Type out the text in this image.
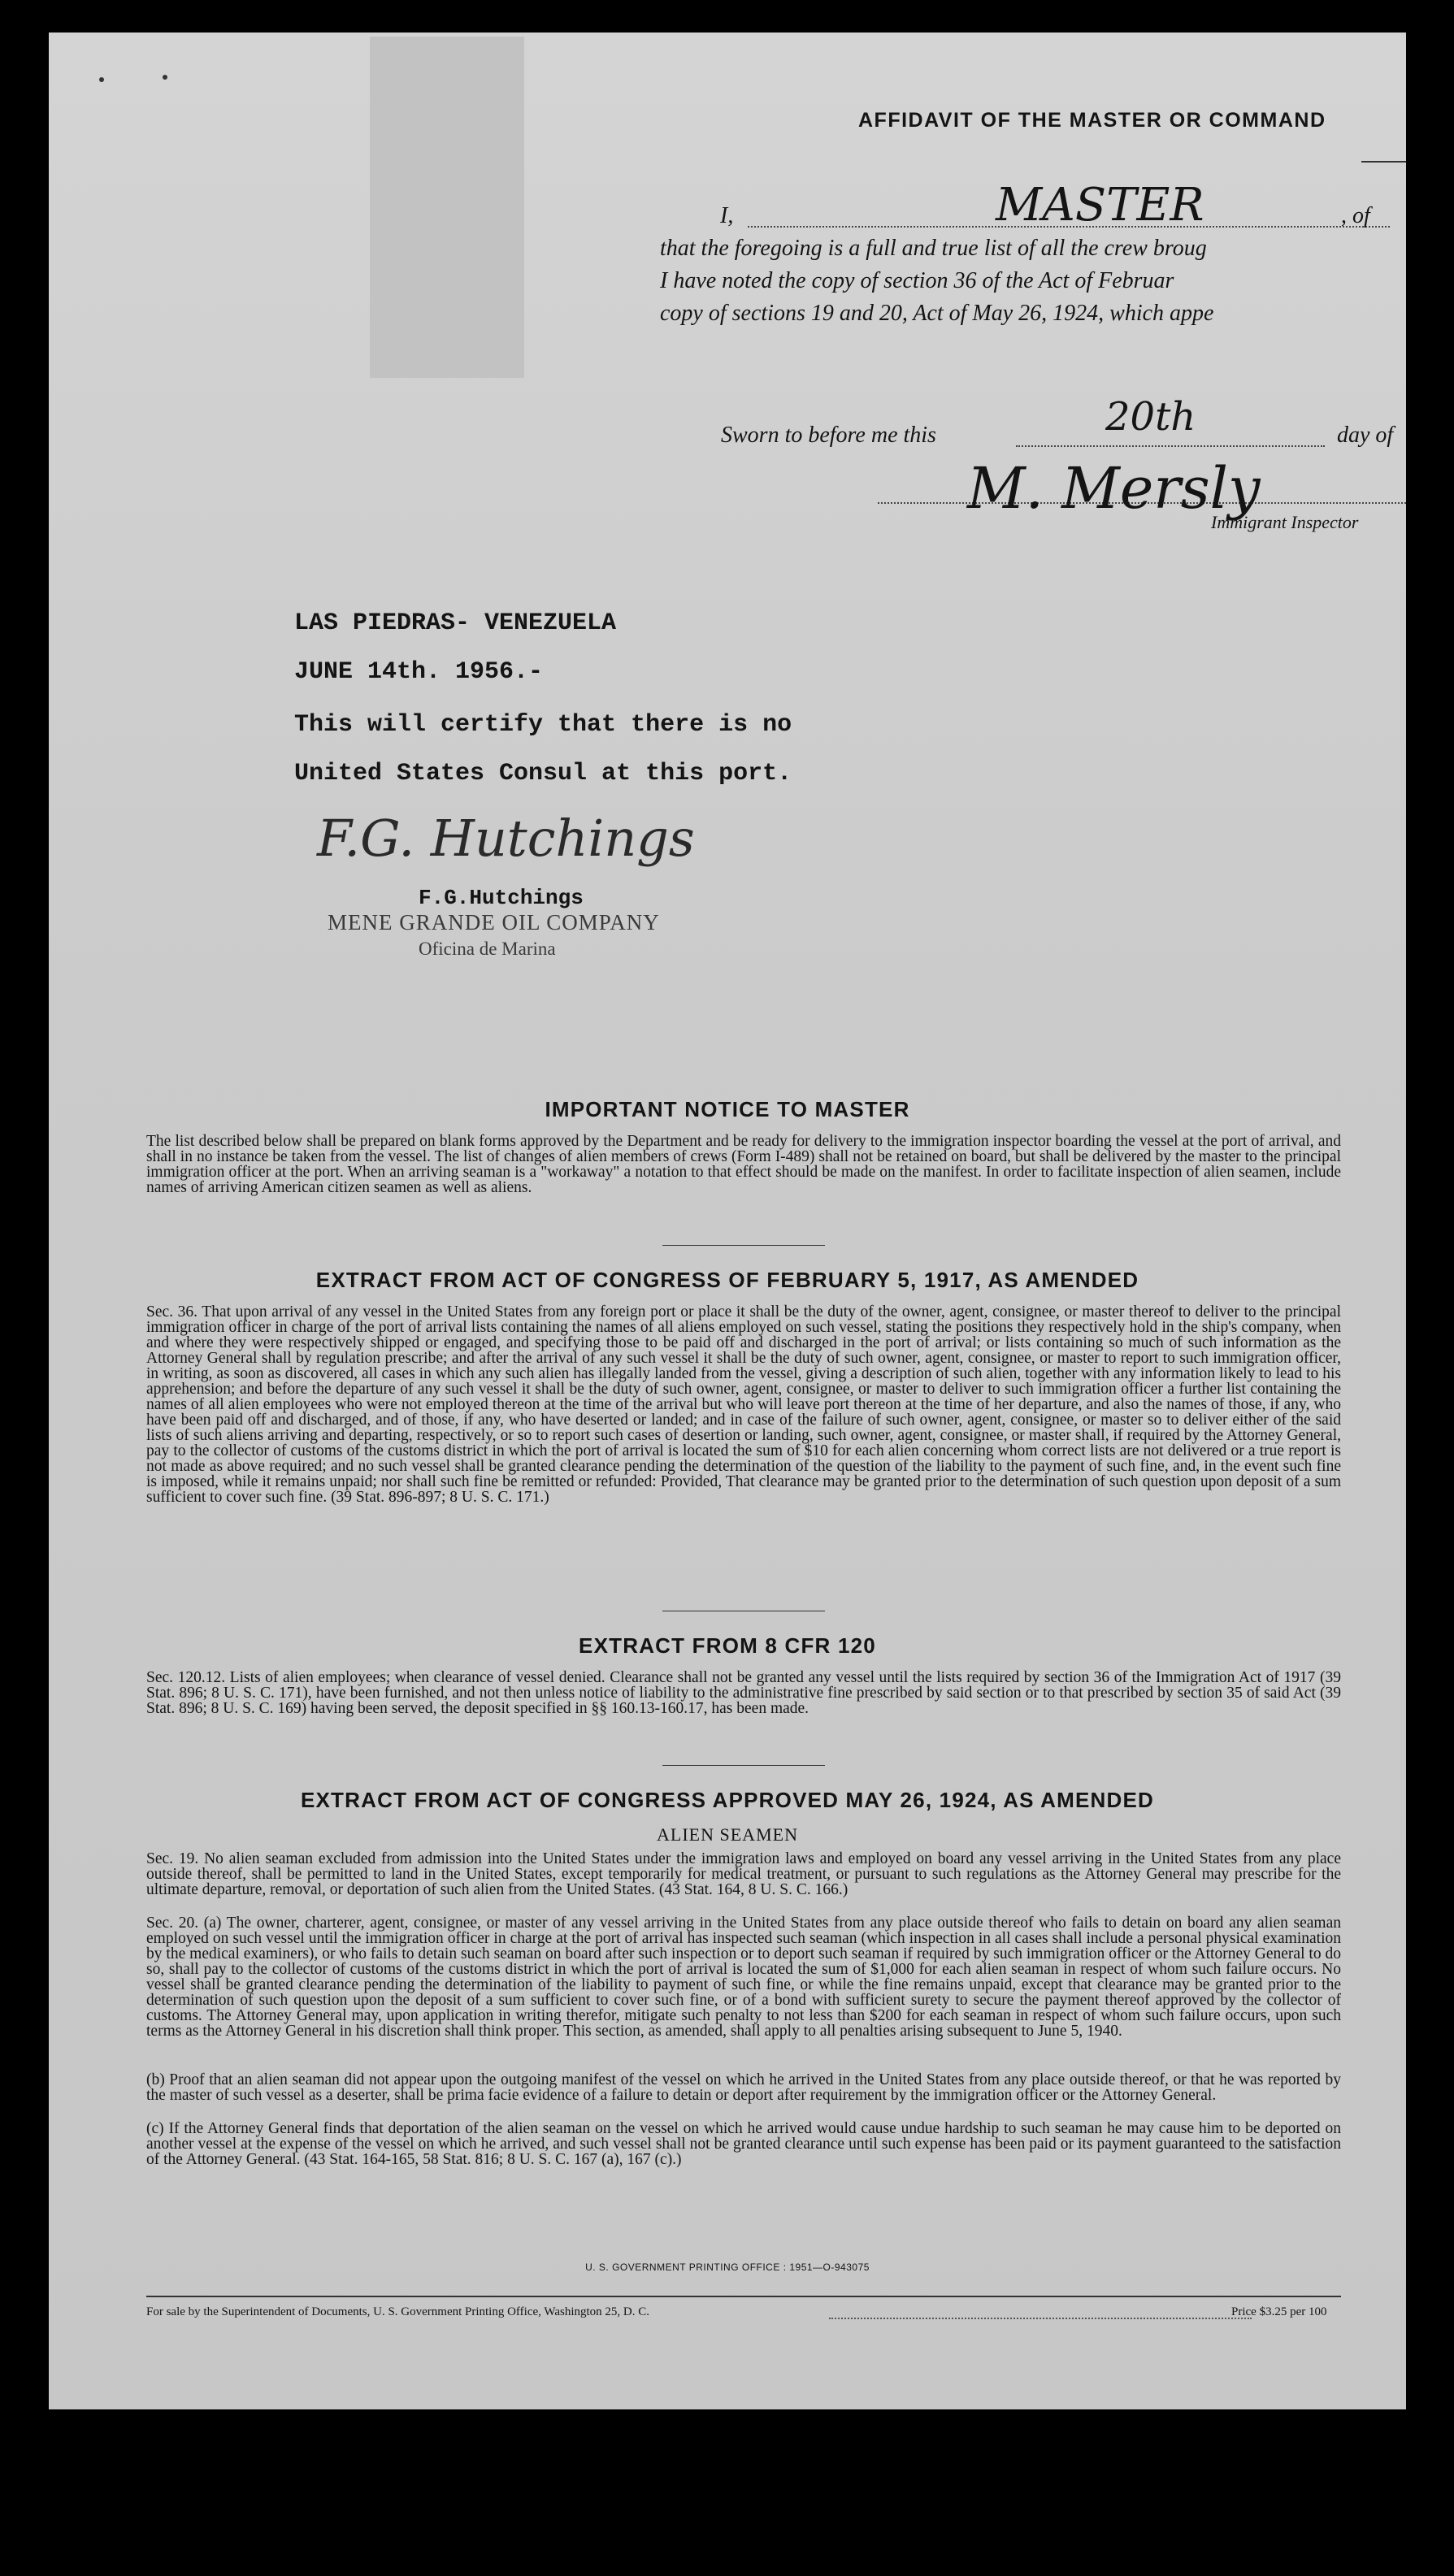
AFFIDAVIT OF THE MASTER OR COMMAND
I,	MASTER	, of
that the foregoing is a full and true list of all the crew broug
I have noted the copy of section 36 of the Act of Februar
copy of sections 19 and 20, Act of May 26, 1924, which appe
Sworn to before me this	20th	day of
M. Mersly
Immigrant Inspector
LAS PIEDRAS- VENEZUELA
JUNE 14th. 1956.-
This will certify that there is no
United States Consul at this port.
F.G. Hutchings
F.G.Hutchings
MENE GRANDE OIL COMPANY
Oficina de Marina
IMPORTANT NOTICE TO MASTER
The list described below shall be prepared on blank forms approved by the Department and be ready for delivery to the immigration inspector boarding the vessel at the port of arrival, and shall in no instance be taken from the vessel. The list of changes of alien members of crews (Form I-489) shall not be retained on board, but shall be delivered by the master to the principal immigration officer at the port. When an arriving seaman is a "workaway" a notation to that effect should be made on the manifest. In order to facilitate inspection of alien seamen, include names of arriving American citizen seamen as well as aliens.
EXTRACT FROM ACT OF CONGRESS OF FEBRUARY 5, 1917, AS AMENDED
Sec. 36. That upon arrival of any vessel in the United States from any foreign port or place it shall be the duty of the owner, agent, consignee, or master thereof to deliver to the principal immigration officer in charge of the port of arrival lists containing the names of all aliens employed on such vessel, stating the positions they respectively hold in the ship's company, when and where they were respectively shipped or engaged, and specifying those to be paid off and discharged in the port of arrival; or lists containing so much of such information as the Attorney General shall by regulation prescribe; and after the arrival of any such vessel it shall be the duty of such owner, agent, consignee, or master to report to such immigration officer, in writing, as soon as discovered, all cases in which any such alien has illegally landed from the vessel, giving a description of such alien, together with any information likely to lead to his apprehension; and before the departure of any such vessel it shall be the duty of such owner, agent, consignee, or master to deliver to such immigration officer a further list containing the names of all alien employees who were not employed thereon at the time of the arrival but who will leave port thereon at the time of her departure, and also the names of those, if any, who have been paid off and discharged, and of those, if any, who have deserted or landed; and in case of the failure of such owner, agent, consignee, or master so to deliver either of the said lists of such aliens arriving and departing, respectively, or so to report such cases of desertion or landing, such owner, agent, consignee, or master shall, if required by the Attorney General, pay to the collector of customs of the customs district in which the port of arrival is located the sum of $10 for each alien concerning whom correct lists are not delivered or a true report is not made as above required; and no such vessel shall be granted clearance pending the determination of the question of the liability to the payment of such fine, and, in the event such fine is imposed, while it remains unpaid; nor shall such fine be remitted or refunded: Provided, That clearance may be granted prior to the determination of such question upon deposit of a sum sufficient to cover such fine. (39 Stat. 896-897; 8 U. S. C. 171.)
EXTRACT FROM 8 CFR 120
Sec. 120.12. Lists of alien employees; when clearance of vessel denied. Clearance shall not be granted any vessel until the lists required by section 36 of the Immigration Act of 1917 (39 Stat. 896; 8 U. S. C. 171), have been furnished, and not then unless notice of liability to the administrative fine prescribed by said section or to that prescribed by section 35 of said Act (39 Stat. 896; 8 U. S. C. 169) having been served, the deposit specified in §§ 160.13-160.17, has been made.
EXTRACT FROM ACT OF CONGRESS APPROVED MAY 26, 1924, AS AMENDED
ALIEN SEAMEN
Sec. 19. No alien seaman excluded from admission into the United States under the immigration laws and employed on board any vessel arriving in the United States from any place outside thereof, shall be permitted to land in the United States, except temporarily for medical treatment, or pursuant to such regulations as the Attorney General may prescribe for the ultimate departure, removal, or deportation of such alien from the United States. (43 Stat. 164, 8 U. S. C. 166.)
Sec. 20. (a) The owner, charterer, agent, consignee, or master of any vessel arriving in the United States from any place outside thereof who fails to detain on board any alien seaman employed on such vessel until the immigration officer in charge at the port of arrival has inspected such seaman (which inspection in all cases shall include a personal physical examination by the medical examiners), or who fails to detain such seaman on board after such inspection or to deport such seaman if required by such immigration officer or the Attorney General to do so, shall pay to the collector of customs of the customs district in which the port of arrival is located the sum of $1,000 for each alien seaman in respect of whom such failure occurs. No vessel shall be granted clearance pending the determination of the liability to payment of such fine, or while the fine remains unpaid, except that clearance may be granted prior to the determination of such question upon the deposit of a sum sufficient to cover such fine, or of a bond with sufficient surety to secure the payment thereof approved by the collector of customs. The Attorney General may, upon application in writing therefor, mitigate such penalty to not less than $200 for each seaman in respect of whom such failure occurs, upon such terms as the Attorney General in his discretion shall think proper. This section, as amended, shall apply to all penalties arising subsequent to June 5, 1940.
(b) Proof that an alien seaman did not appear upon the outgoing manifest of the vessel on which he arrived in the United States from any place outside thereof, or that he was reported by the master of such vessel as a deserter, shall be prima facie evidence of a failure to detain or deport after requirement by the immigration officer or the Attorney General.
(c) If the Attorney General finds that deportation of the alien seaman on the vessel on which he arrived would cause undue hardship to such seaman he may cause him to be deported on another vessel at the expense of the vessel on which he arrived, and such vessel shall not be granted clearance until such expense has been paid or its payment guaranteed to the satisfaction of the Attorney General. (43 Stat. 164-165, 58 Stat. 816; 8 U. S. C. 167 (a), 167 (c).)
U. S. GOVERNMENT PRINTING OFFICE : 1951—O-943075
For sale by the Superintendent of Documents, U. S. Government Printing Office, Washington 25, D. C.	Price $3.25 per 100
